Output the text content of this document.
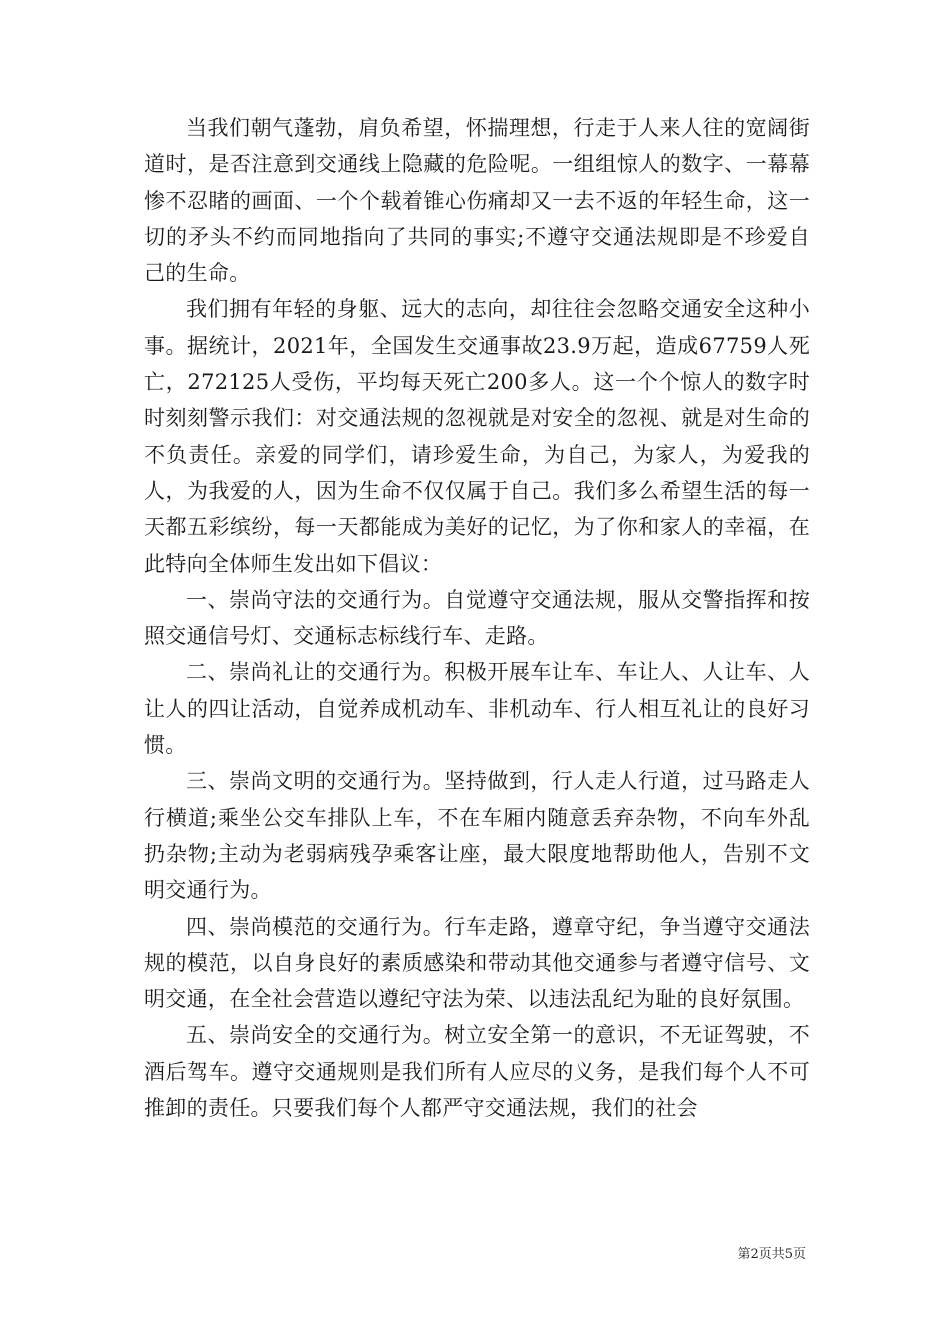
当我们朝气蓬勃，肩负希望，怀揣理想，行走于人来人往的宽阔街道时，是否注意到交通线上隐藏的危险呢。一组组惊人的数字、一幕幕惨不忍睹的画面、一个个载着锥心伤痛却又一去不返的年轻生命，这一切的矛头不约而同地指向了共同的事实;不遵守交通法规即是不珍爱自己的生命。

我们拥有年轻的身躯、远大的志向，却往往会忽略交通安全这种小事。据统计，2021年，全国发生交通事故23.9万起，造成67759人死亡，272125人受伤，平均每天死亡200多人。这一个个惊人的数字时时刻刻警示我们：对交通法规的忽视就是对安全的忽视、就是对生命的不负责任。亲爱的同学们，请珍爱生命，为自己，为家人，为爱我的人，为我爱的人，因为生命不仅仅属于自己。我们多么希望生活的每一天都五彩缤纷，每一天都能成为美好的记忆，为了你和家人的幸福，在此特向全体师生发出如下倡议：

一、崇尚守法的交通行为。自觉遵守交通法规，服从交警指挥和按照交通信号灯、交通标志标线行车、走路。

二、崇尚礼让的交通行为。积极开展车让车、车让人、人让车、人让人的四让活动，自觉养成机动车、非机动车、行人相互礼让的良好习惯。

三、崇尚文明的交通行为。坚持做到，行人走人行道，过马路走人行横道;乘坐公交车排队上车，不在车厢内随意丢弃杂物，不向车外乱扔杂物;主动为老弱病残孕乘客让座，最大限度地帮助他人，告别不文明交通行为。

四、崇尚模范的交通行为。行车走路，遵章守纪，争当遵守交通法规的模范，以自身良好的素质感染和带动其他交通参与者遵守信号、文明交通，在全社会营造以遵纪守法为荣、以违法乱纪为耻的良好氛围。

五、崇尚安全的交通行为。树立安全第一的意识，不无证驾驶，不酒后驾车。遵守交通规则是我们所有人应尽的义务，是我们每个人不可推卸的责任。只要我们每个人都严守交通法规，我们的社会

第2页共5页
